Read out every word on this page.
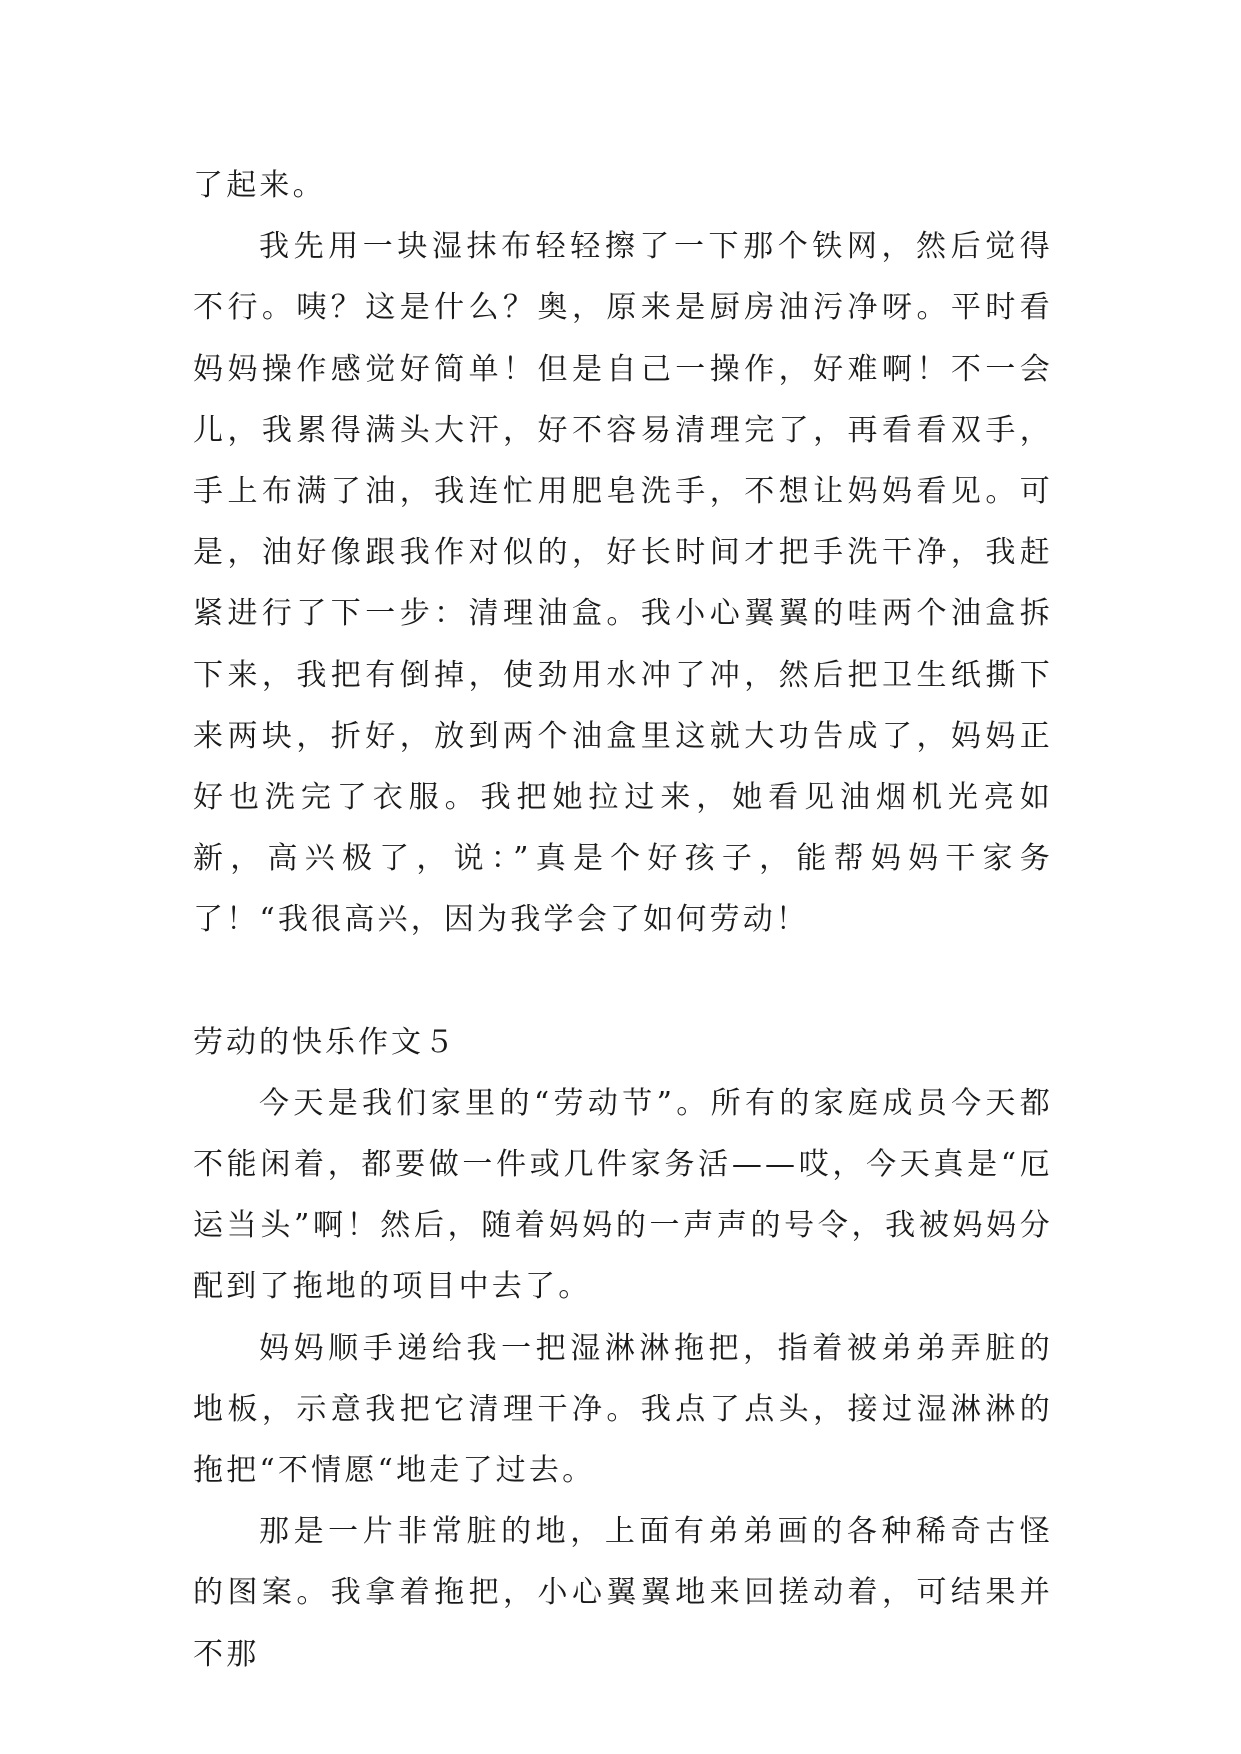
了起来。

我先用一块湿抹布轻轻擦了一下那个铁网，然后觉得不行。咦？这是什么？奥，原来是厨房油污净呀。平时看妈妈操作感觉好简单！但是自己一操作，好难啊！不一会儿，我累得满头大汗，好不容易清理完了，再看看双手，手上布满了油，我连忙用肥皂洗手，不想让妈妈看见。可是，油好像跟我作对似的，好长时间才把手洗干净，我赶紧进行了下一步：清理油盒。我小心翼翼的哇两个油盒拆下来，我把有倒掉，使劲用水冲了冲，然后把卫生纸撕下来两块，折好，放到两个油盒里这就大功告成了，妈妈正好也洗完了衣服。我把她拉过来，她看见油烟机光亮如新，高兴极了，说：”真是个好孩子，能帮妈妈干家务了！“我很高兴，因为我学会了如何劳动！

劳动的快乐作文５

今天是我们家里的“劳动节”。所有的家庭成员今天都不能闲着，都要做一件或几件家务活——哎，今天真是“厄运当头”啊！然后，随着妈妈的一声声的号令，我被妈妈分配到了拖地的项目中去了。

妈妈顺手递给我一把湿淋淋拖把，指着被弟弟弄脏的地板，示意我把它清理干净。我点了点头，接过湿淋淋的拖把“不情愿“地走了过去。

那是一片非常脏的地，上面有弟弟画的各种稀奇古怪的图案。我拿着拖把，小心翼翼地来回搓动着，可结果并不那
